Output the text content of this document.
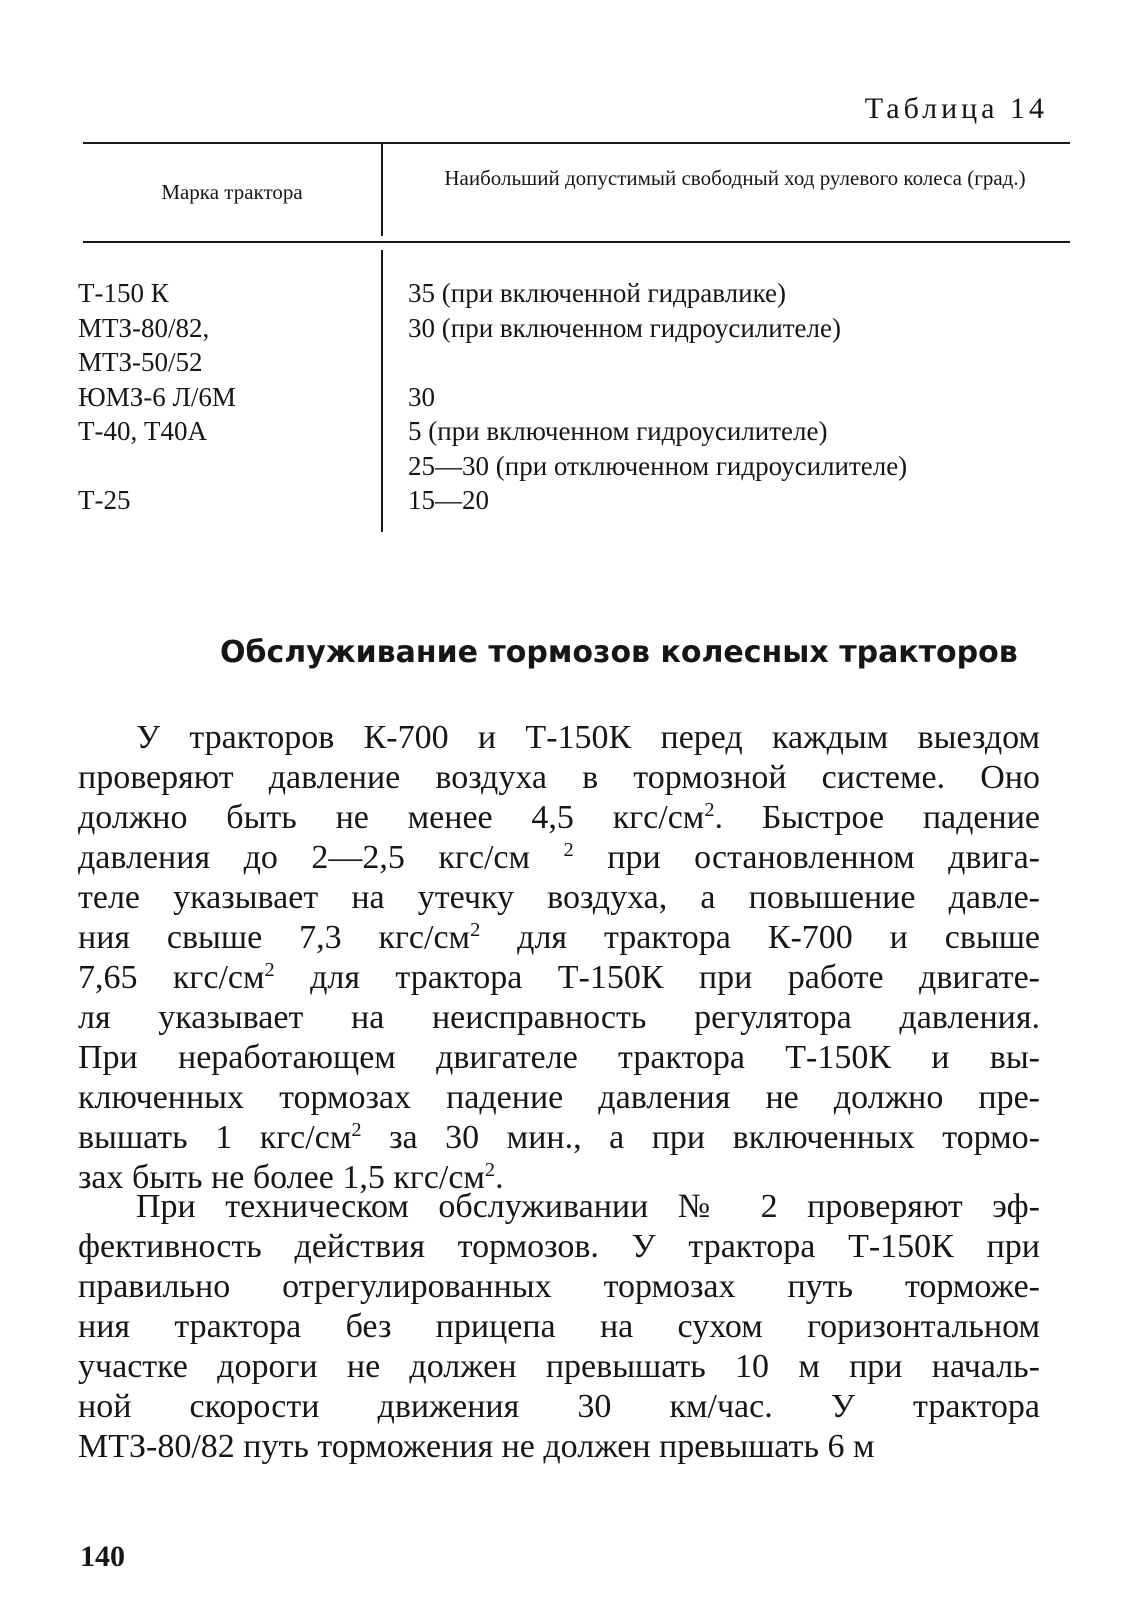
Таблица 14
Марка трактора
Наибольший допустимый свободный ход рулевого колеса (град.)
Т-150 К
МТЗ-80/82,
МТЗ-50/52
ЮМЗ-6 Л/6М
Т-40, Т40А
Т-25
35 (при включенной гидравлике)
30 (при включенном гидроусилителе)
30
5 (при включенном гидроусилителе)
25—30 (при отключенном гидроусилителе)
15—20
Обслуживание тормозов колесных тракторов
У тракторов К-700 и Т-150К перед каждым выездом
проверяют давление воздуха в тормозной системе. Оно
должно быть не менее 4,5 кгс/$см^2$. Быстрое падение
давления до 2—2,5 кгс/см $^2$ при остановленном двига-
теле указывает на утечку воздуха, а повышение давле-
ния свыше 7,3 кгс/$см^2$ для трактора К-700 и свыше
7,65 кгс/$см^2$ для трактора Т-150К при работе двигате-
ля указывает на неисправность регулятора давления.
При неработающем двигателе трактора Т-150К и вы-
ключенных тормозах падение давления не должно пре-
вышать 1 кгс/$см^2$ за 30 мин., а при включенных тормо-
зах быть не более 1,5 кгс/$см^2$.
При техническом обслуживании № 2 проверяют эф-
фективность действия тормозов. У трактора Т-150К при
правильно отрегулированных тормозах путь торможе-
ния трактора без прицепа на сухом горизонтальном
участке дороги не должен превышать 10 м при началь-
ной скорости движения 30 км/час. У трактора
МТЗ-80/82 путь торможения не должен превышать 6 м
140
